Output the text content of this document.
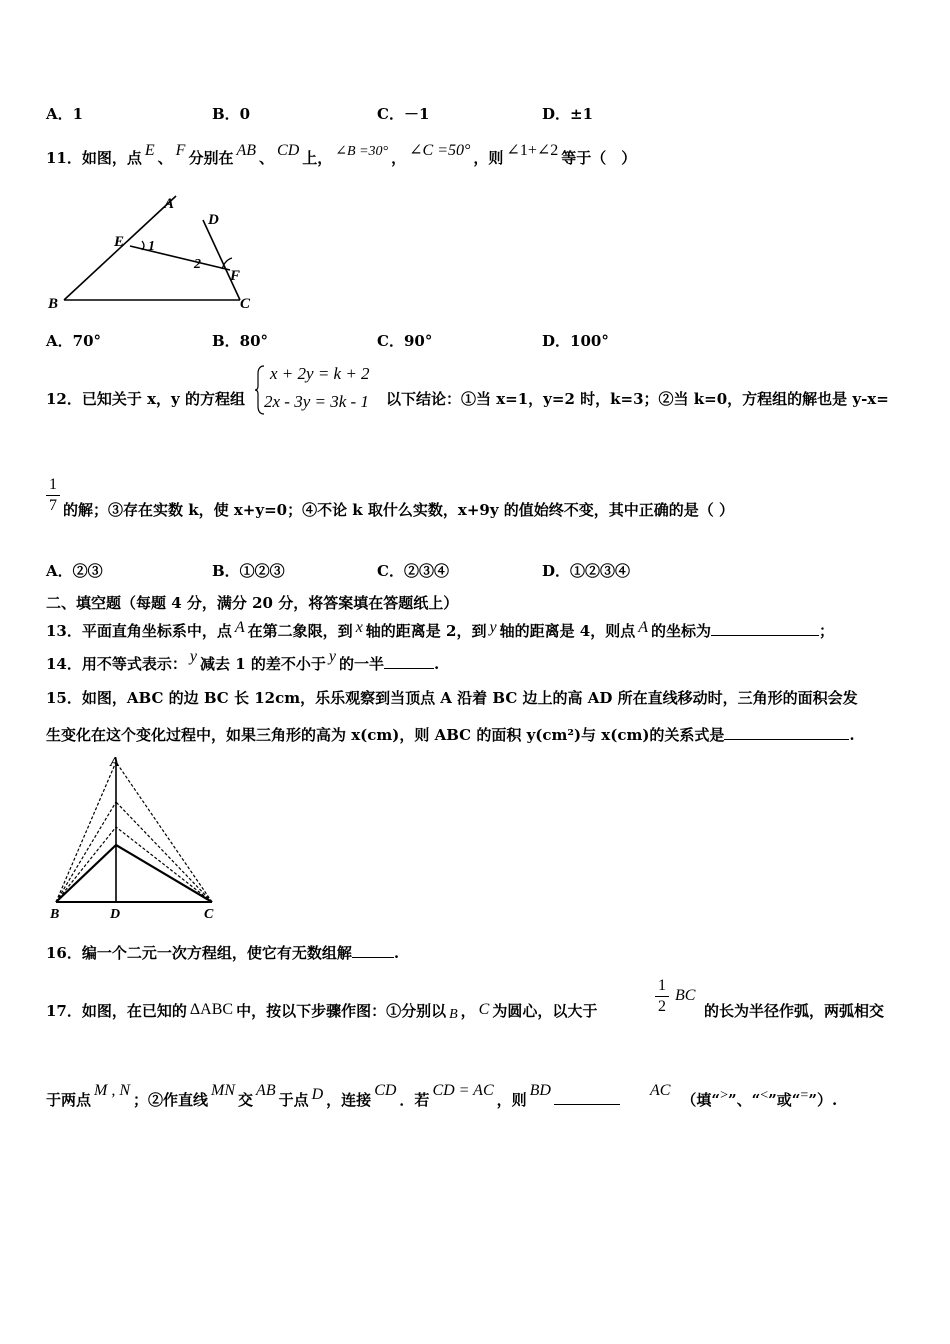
A．1	B．0	C．－1	D．±1
11．如图，点 E 、 F 分别在 AB 、 CD 上， ∠B =30° ， ∠C =50° ，则 ∠1+∠2 等于（　）
A
E 1
D
2
F
B	C
A．70°	B．80°	C．90°	D．100°
12．已知关于 x，y 的方程组
x + 2y = k + 2
2x - 3y = 3k - 1 以下结论：①当 x=1，y=2 时，k=3；②当 k=0，方程组的解也是 y-x=
1
7 的解；③存在实数 k，使 x+y=0；④不论 k 取什么实数，x+9y 的值始终不变，其中正确的是（ ）
A．②③	B．①②③	C．②③④	D．①②③④
二、填空题（每题 4 分，满分 20 分，将答案填在答题纸上）
13．平面直角坐标系中，点 A 在第二象限，到 x 轴的距离是 2，到 y 轴的距离是 4，则点 A 的坐标为	；
14．用不等式表示： y 减去 1 的差不小于 y 的一半	.
15．如图，ABC 的边 BC 长 12cm，乐乐观察到当顶点 A 沿着 BC 边上的高 AD 所在直线移动时，三角形的面积会发
生变化在这个变化过程中，如果三角形的高为 x(cm)，则 ABC 的面积 y(cm²)与 x(cm)的关系式是	.
A
B	D	C
16．编一个二元一次方程组，使它有无数组解	.
17．如图，在已知的 ΔABC 中，按以下步骤作图：①分别以 B ， C 为圆心，以大于
1
2
BC
的长为半径作弧，两弧相交
于两点M , N；②作直线MN交AB于点 D ，连接CD．若CD = AC，则BD	AC（填“>”、“<”或“=”）.
